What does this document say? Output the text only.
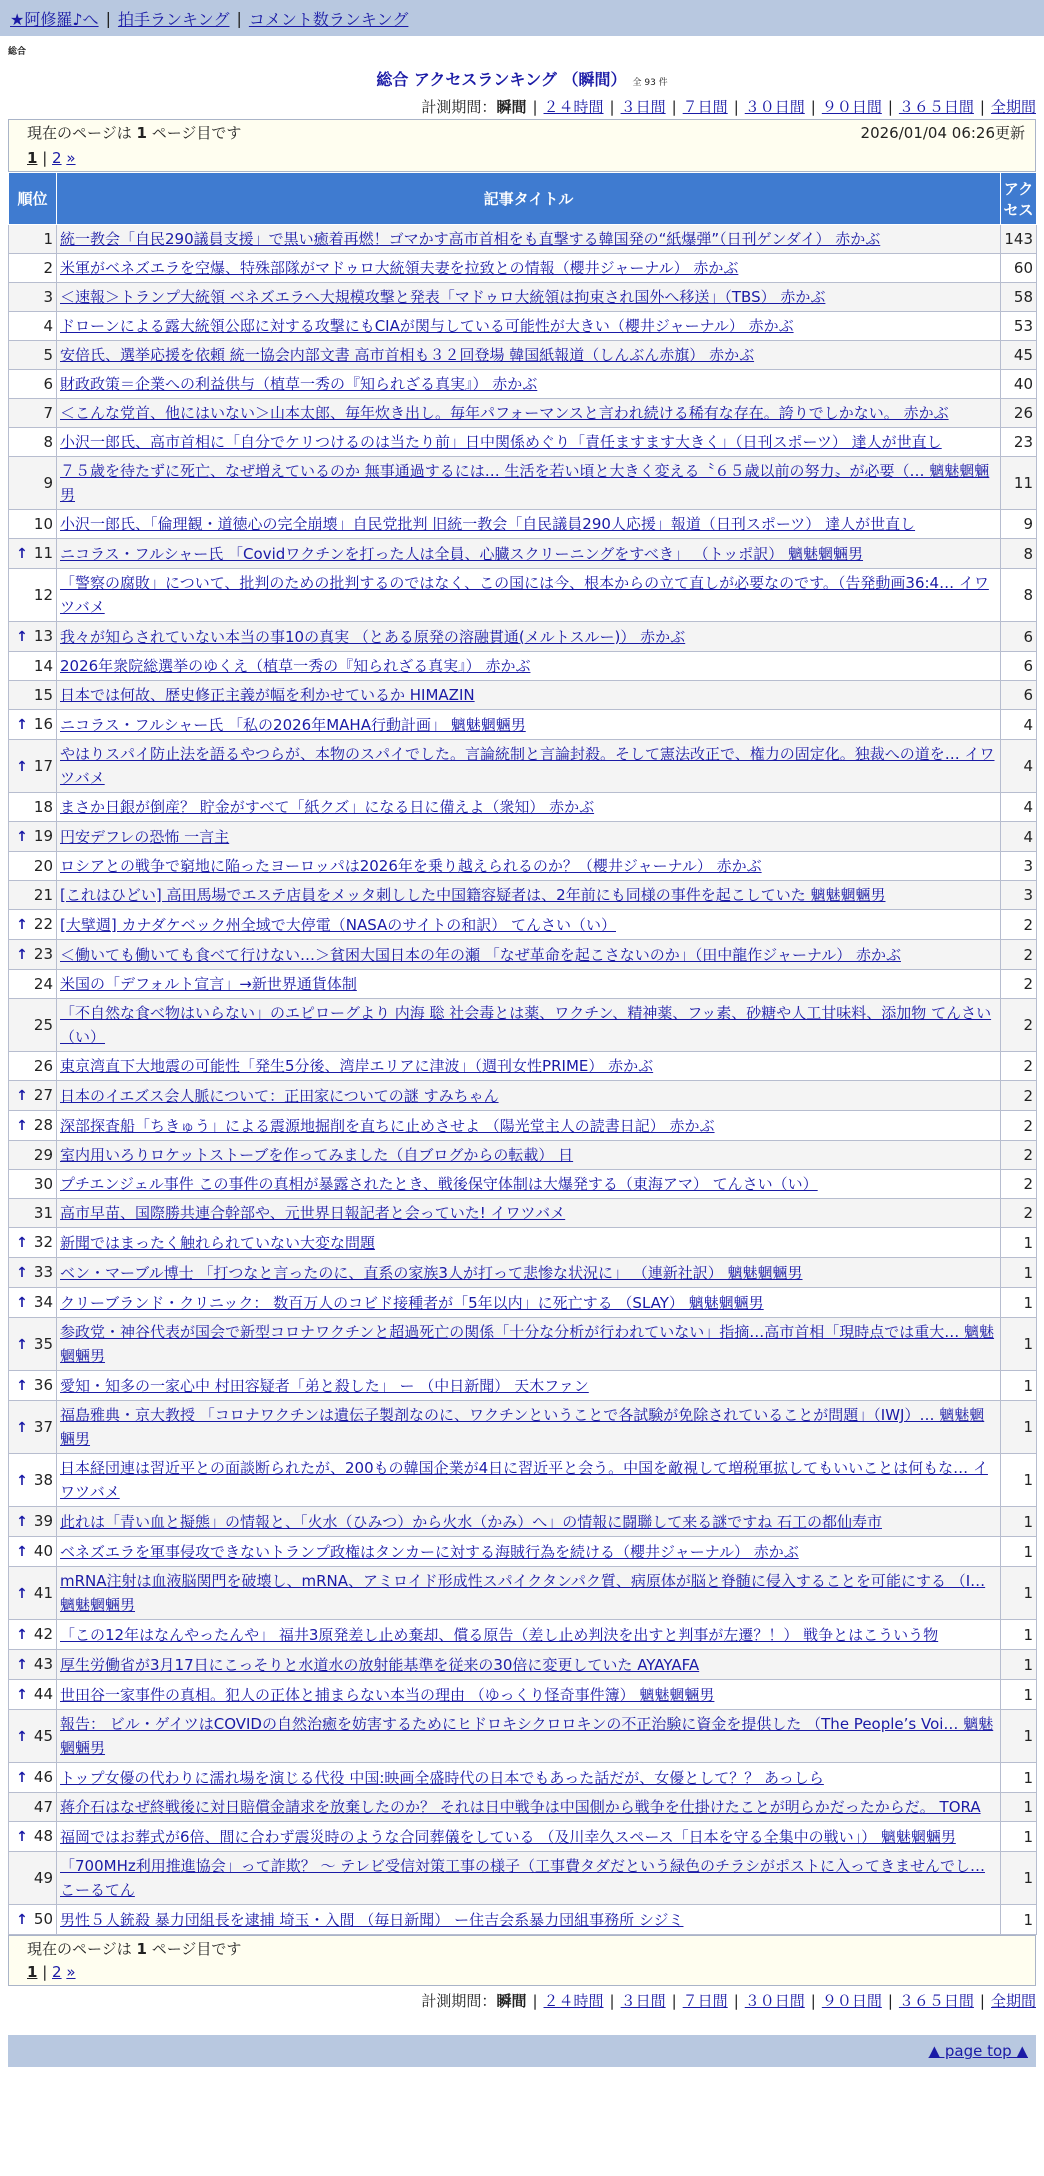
★阿修羅♪へ | 拍手ランキング | コメント数ランキング
総合
総合 アクセスランキング （瞬間） 全 93 件
計測期間：瞬間 | ２４時間 | ３日間 | ７日間 | ３０日間 | ９０日間 | ３６５日間 | 全期間
現在のページは 1 ページ目です	2026/01/04 06:26更新
1 | 2 »
順位	記事タイトル	アクセス
1	統一教会「自民290議員支援」で黒い癒着再燃！ゴマかす高市首相をも直撃する韓国発の“紙爆弾”（日刊ゲンダイ） 赤かぶ	143
2	米軍がベネズエラを空爆、特殊部隊がマドゥロ大統領夫妻を拉致との情報（櫻井ジャーナル） 赤かぶ	60
3	＜速報＞トランプ大統領 ベネズエラへ大規模攻撃と発表「マドゥロ大統領は拘束され国外へ移送」（TBS） 赤かぶ	58
4	ドローンによる露大統領公邸に対する攻撃にもCIAが関与している可能性が大きい（櫻井ジャーナル） 赤かぶ	53
5	安倍氏、選挙応援を依頼 統一協会内部文書 高市首相も３２回登場 韓国紙報道（しんぶん赤旗） 赤かぶ	45
6	財政政策＝企業への利益供与（植草一秀の『知られざる真実』） 赤かぶ	40
7	＜こんな党首、他にはいない＞山本太郎、毎年炊き出し。毎年パフォーマンスと言われ続ける稀有な存在。誇りでしかない。 赤かぶ	26
8	小沢一郎氏、高市首相に「自分でケリつけるのは当たり前」日中関係めぐり「責任ますます大きく」（日刊スポーツ） 達人が世直し	23
9	７５歳を待たずに死亡、なぜ増えているのか 無事通過するには… 生活を若い頃と大きく変える〝６５歳以前の努力〟が必要（… 魑魅魍魎男	11
10	小沢一郎氏、「倫理観・道徳心の完全崩壊」自民党批判 旧統一教会「自民議員290人応援」報道（日刊スポーツ） 達人が世直し	9
↑ 11	ニコラス・フルシャー氏 「Covidワクチンを打った人は全員、心臓スクリーニングをすべき」 （トッポ訳） 魑魅魍魎男	8
12	「警察の腐敗」について、批判のための批判するのではなく、この国には今、根本からの立て直しが必要なのです。（告発動画36:4… イワツバメ	8
↑ 13	我々が知らされていない本当の事10の真実 （とある原発の溶融貫通(メルトスルー)） 赤かぶ	6
14	2026年衆院総選挙のゆくえ（植草一秀の『知られざる真実』） 赤かぶ	6
15	日本では何故、歴史修正主義が幅を利かせているか HIMAZIN	6
↑ 16	ニコラス・フルシャー氏 「私の2026年MAHA行動計画」 魑魅魍魎男	4
↑ 17	やはりスパイ防止法を語るやつらが、本物のスパイでした。言論統制と言論封殺。そして憲法改正で、権力の固定化。独裁への道を… イワツバメ	4
18	まさか日銀が倒産？ 貯金がすべて「紙クズ」になる日に備えよ（衆知） 赤かぶ	4
↑ 19	円安デフレの恐怖 一言主	4
20	ロシアとの戦争で窮地に陥ったヨーロッパは2026年を乗り越えられるのか？（櫻井ジャーナル） 赤かぶ	3
21	[これはひどい] 高田馬場でエステ店員をメッタ刺しした中国籍容疑者は、2年前にも同様の事件を起こしていた 魑魅魍魎男	3
↑ 22	[大擘週] カナダケベック州全域で大停電（NASAのサイトの和訳） てんさい（い）	2
↑ 23	＜働いても働いても食べて行けない…＞貧困大国日本の年の瀬 「なぜ革命を起こさないのか」（田中龍作ジャーナル） 赤かぶ	2
24	米国の「デフォルト宣言」→新世界通貨体制	2
25	「不自然な食べ物はいらない」のエピローグより 内海 聡 社会毒とは薬、ワクチン、精神薬、フッ素、砂糖や人工甘味料、添加物 てんさい（い）	2
26	東京湾直下大地震の可能性「発生5分後、湾岸エリアに津波」（週刊女性PRIME） 赤かぶ	2
↑ 27	日本のイエズス会人脈について：正田家についての謎 すみちゃん	2
↑ 28	深部探査船「ちきゅう」による震源地掘削を直ちに止めさせよ （陽光堂主人の読書日記） 赤かぶ	2
29	室内用いろりロケットストーブを作ってみました（自ブログからの転載） 日	2
30	プチエンジェル事件 この事件の真相が暴露されたとき、戦後保守体制は大爆発する（東海アマ） てんさい（い）	2
31	高市早苗、国際勝共連合幹部や、元世界日報記者と会っていた! イワツバメ	2
↑ 32	新聞ではまったく触れられていない大変な問題	1
↑ 33	ベン・マーブル博士 「打つなと言ったのに、直系の家族3人が打って悲惨な状況に」 （連新社訳） 魑魅魍魎男	1
↑ 34	クリーブランド・クリニック： 数百万人のコビド接種者が「5年以内」に死亡する （SLAY） 魑魅魍魎男	1
↑ 35	参政党・神谷代表が国会で新型コロナワクチンと超過死亡の関係「十分な分析が行われていない」指摘…高市首相「現時点では重大… 魑魅魍魎男	1
↑ 36	愛知・知多の一家心中 村田容疑者「弟と殺した」 ー （中日新聞） 天木ファン	1
↑ 37	福島雅典・京大教授 「コロナワクチンは遺伝子製剤なのに、ワクチンということで各試験が免除されていることが問題」（IWJ）… 魑魅魍魎男	1
↑ 38	日本経団連は習近平との面談断られたが、200もの韓国企業が4日に習近平と会う。中国を敵視して増税軍拡してもいいことは何もな… イワツバメ	1
↑ 39	此れは「青い血と擬態」の情報と、「火水（ひみつ）から火水（かみ）へ」の情報に闘聯して来る謎ですね 石工の都仙寿市	1
↑ 40	ベネズエラを軍事侵攻できないトランプ政権はタンカーに対する海賊行為を続ける（櫻井ジャーナル） 赤かぶ	1
↑ 41	mRNA注射は血液脳関門を破壊し、mRNA、アミロイド形成性スパイクタンパク質、病原体が脳と脊髄に侵入することを可能にする （I… 魑魅魍魎男	1
↑ 42	「この12年はなんやったんや」 福井3原発差し止め棄却、償る原告（差し止め判決を出すと判事が左遷？！） 戦争とはこういう物	1
↑ 43	厚生労働省が3月17日にこっそりと水道水の放射能基準を従来の30倍に変更していた AYAYAFA	1
↑ 44	世田谷一家事件の真相。犯人の正体と捕まらない本当の理由 （ゆっくり怪奇事件簿） 魑魅魍魎男	1
↑ 45	報告： ビル・ゲイツはCOVIDの自然治癒を妨害するためにヒドロキシクロロキンの不正治験に資金を提供した （The People’s Voi… 魑魅魍魎男	1
↑ 46	トップ女優の代わりに濡れ場を演じる代役 中国:映画全盛時代の日本でもあった話だが、女優として？？ あっしら	1
47	蒋介石はなぜ終戦後に対日賠償金請求を放棄したのか？ それは日中戦争は中国側から戦争を仕掛けたことが明らかだったからだ。 TORA	1
↑ 48	福岡ではお葬式が6倍、間に合わず震災時のような合同葬儀をしている （及川幸久スペース「日本を守る全集中の戦い」） 魑魅魍魎男	1
49	「700MHz利用推進協会」って詐欺？ 〜 テレビ受信対策工事の様子（工事費タダだという緑色のチラシがポストに入ってきませんでし… こーるてん	1
↑ 50	男性５人銃殺 暴力団組長を逮捕 埼玉・入間 （毎日新聞） ー住吉会系暴力団組事務所 シジミ	1
現在のページは 1 ページ目です
1 | 2 »
計測期間：瞬間 | ２４時間 | ３日間 | ７日間 | ３０日間 | ９０日間 | ３６５日間 | 全期間
▲ page top ▲
